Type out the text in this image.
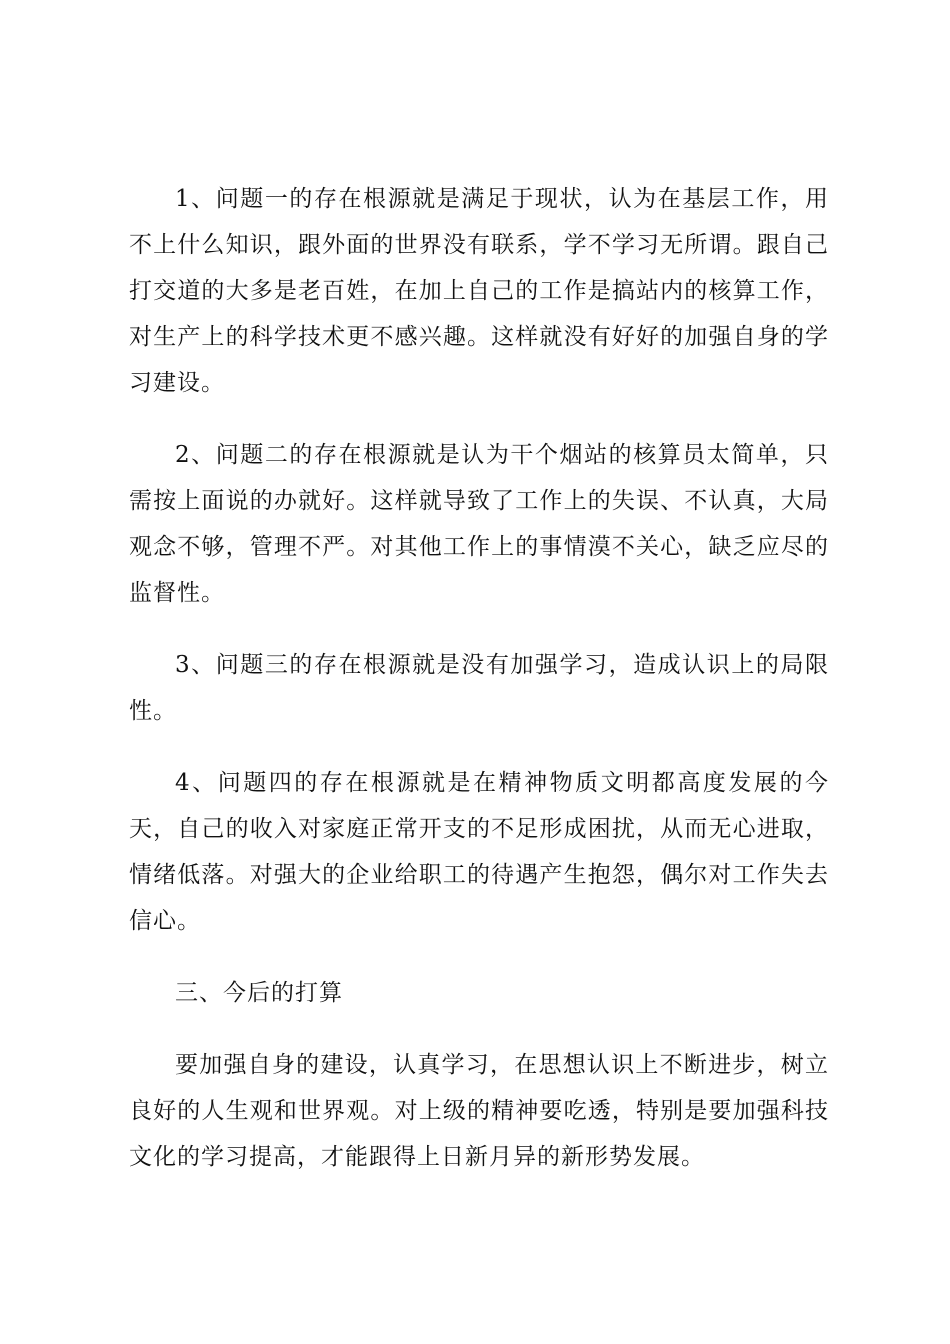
1、问题一的存在根源就是满足于现状，认为在基层工作，用不上什么知识，跟外面的世界没有联系，学不学习无所谓。跟自己打交道的大多是老百姓，在加上自己的工作是搞站内的核算工作，对生产上的科学技术更不感兴趣。这样就没有好好的加强自身的学习建设。

2、问题二的存在根源就是认为干个烟站的核算员太简单，只需按上面说的办就好。这样就导致了工作上的失误、不认真，大局观念不够，管理不严。对其他工作上的事情漠不关心，缺乏应尽的监督性。

3、问题三的存在根源就是没有加强学习，造成认识上的局限性。

4、问题四的存在根源就是在精神物质文明都高度发展的今天，自己的收入对家庭正常开支的不足形成困扰，从而无心进取，情绪低落。对强大的企业给职工的待遇产生抱怨，偶尔对工作失去信心。

三、今后的打算

要加强自身的建设，认真学习，在思想认识上不断进步，树立良好的人生观和世界观。对上级的精神要吃透，特别是要加强科技文化的学习提高，才能跟得上日新月异的新形势发展。
